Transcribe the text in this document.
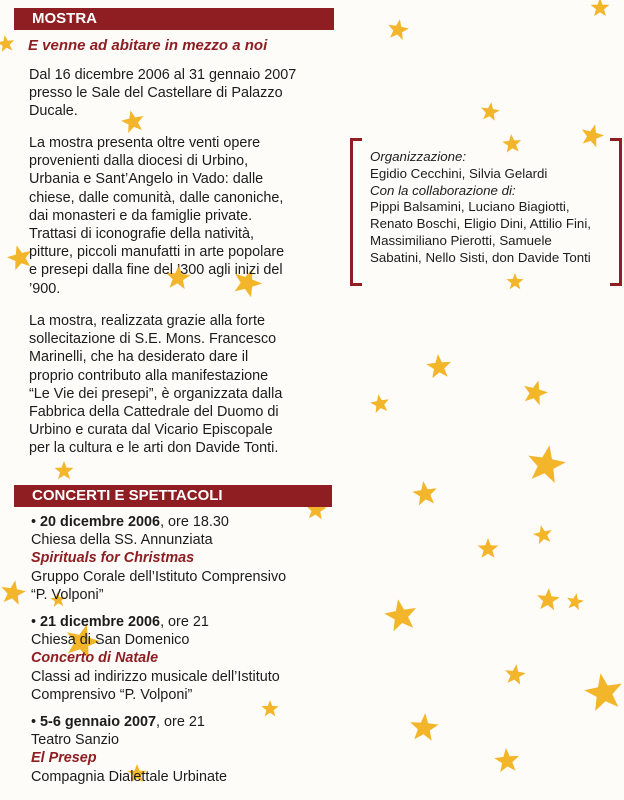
MOSTRA
E venne ad abitare in mezzo a noi

Dal 16 dicembre 2006 al 31 gennaio 2007
presso le Sale del Castellare di Palazzo
Ducale.

La mostra presenta oltre venti opere
provenienti dalla diocesi di Urbino,
Urbania e Sant’Angelo in Vado: dalle
chiese, dalle comunità, dalle canoniche,
dai monasteri e da famiglie private.
Trattasi di iconografie della natività,
pitture, piccoli manufatti in arte popolare
e presepi dalla fine del ’300 agli inizi del
’900.

La mostra, realizzata grazie alla forte
sollecitazione di S.E. Mons. Francesco
Marinelli, che ha desiderato dare il
proprio contributo alla manifestazione
“Le Vie dei presepi”, è organizzata dalla
Fabbrica della Cattedrale del Duomo di
Urbino e curata dal Vicario Episcopale
per la cultura e le arti don Davide Tonti.

Organizzazione:
Egidio Cecchini, Silvia Gelardi
Con la collaborazione di:
Pippi Balsamini, Luciano Biagiotti,
Renato Boschi, Eligio Dini, Attilio Fini,
Massimiliano Pierotti, Samuele
Sabatini, Nello Sisti, don Davide Tonti
CONCERTI E SPETTACOLI
• 20 dicembre 2006, ore 18.30
Chiesa della SS. Annunziata
Spirituals for Christmas
Gruppo Corale dell’Istituto Comprensivo
“P. Volponi”
• 21 dicembre 2006, ore 21
Chiesa di San Domenico
Concerto di Natale
Classi ad indirizzo musicale dell’Istituto
Comprensivo “P. Volponi”
• 5-6 gennaio 2007, ore 21
Teatro Sanzio
El Presep
Compagnia Dialettale Urbinate
